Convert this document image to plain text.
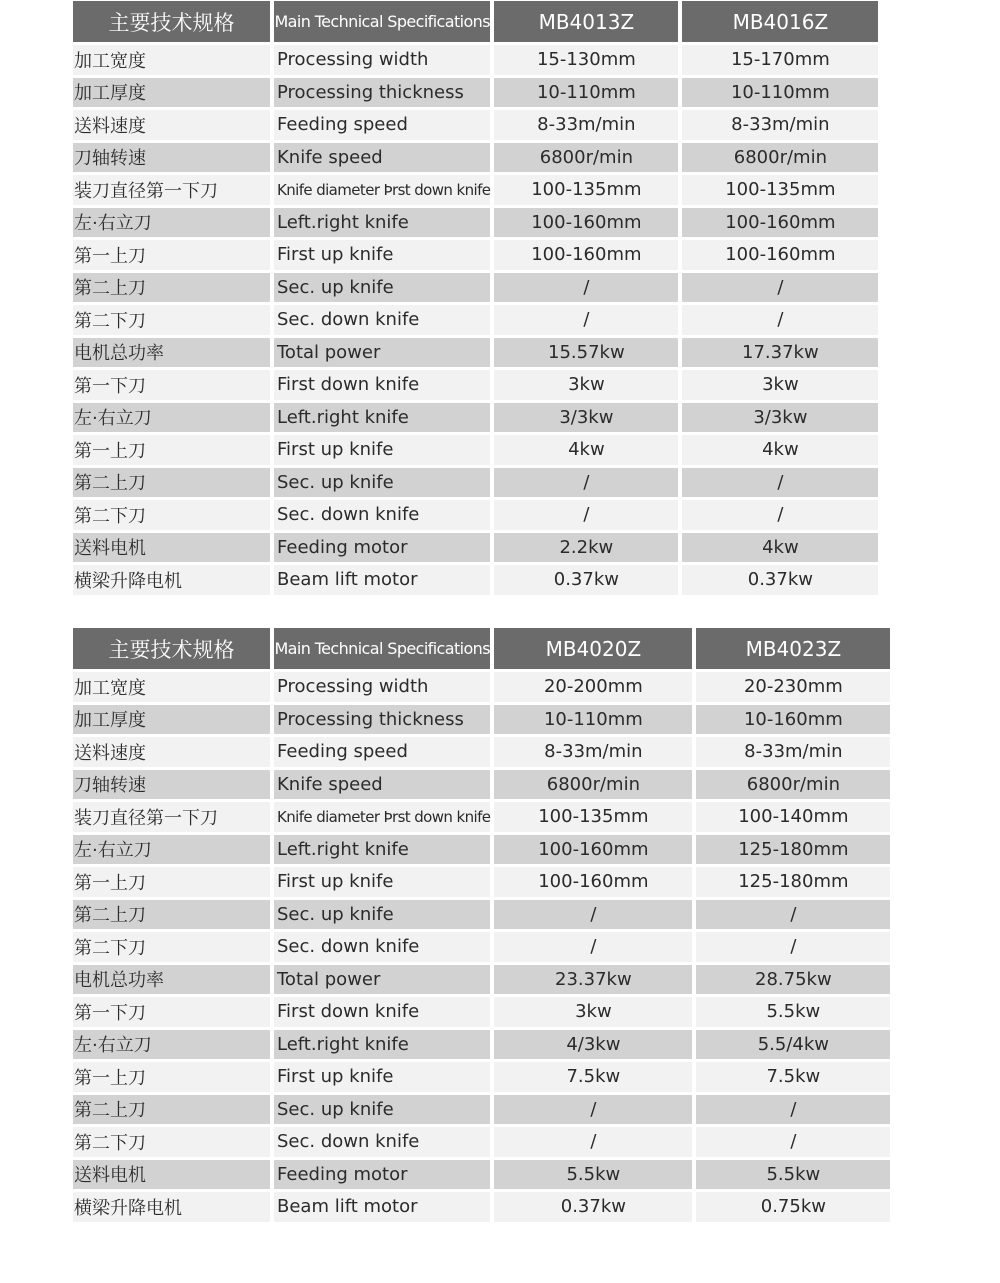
主要技术规格	Main Technical Specifications	MB4013Z	MB4016Z
加工宽度	Processing width	15-130mm	15-170mm
加工厚度	Processing thickness	10-110mm	10-110mm
送料速度	Feeding speed	8-33m/min	8-33m/min
刀轴转速	Knife speed	6800r/min	6800r/min
装刀直径第一下刀	Knife diameter Þrst down knife	100-135mm	100-135mm
左·右立刀	Left.right knife	100-160mm	100-160mm
第一上刀	First up knife	100-160mm	100-160mm
第二上刀	Sec. up knife	/	/
第二下刀	Sec. down knife	/	/
电机总功率	Total power	15.57kw	17.37kw
第一下刀	First down knife	3kw	3kw
左·右立刀	Left.right knife	3/3kw	3/3kw
第一上刀	First up knife	4kw	4kw
第二上刀	Sec. up knife	/	/
第二下刀	Sec. down knife	/	/
送料电机	Feeding motor	2.2kw	4kw
横梁升降电机	Beam lift motor	0.37kw	0.37kw
主要技术规格	Main Technical Specifications	MB4020Z	MB4023Z
加工宽度	Processing width	20-200mm	20-230mm
加工厚度	Processing thickness	10-110mm	10-160mm
送料速度	Feeding speed	8-33m/min	8-33m/min
刀轴转速	Knife speed	6800r/min	6800r/min
装刀直径第一下刀	Knife diameter Þrst down knife	100-135mm	100-140mm
左·右立刀	Left.right knife	100-160mm	125-180mm
第一上刀	First up knife	100-160mm	125-180mm
第二上刀	Sec. up knife	/	/
第二下刀	Sec. down knife	/	/
电机总功率	Total power	23.37kw	28.75kw
第一下刀	First down knife	3kw	5.5kw
左·右立刀	Left.right knife	4/3kw	5.5/4kw
第一上刀	First up knife	7.5kw	7.5kw
第二上刀	Sec. up knife	/	/
第二下刀	Sec. down knife	/	/
送料电机	Feeding motor	5.5kw	5.5kw
横梁升降电机	Beam lift motor	0.37kw	0.75kw
